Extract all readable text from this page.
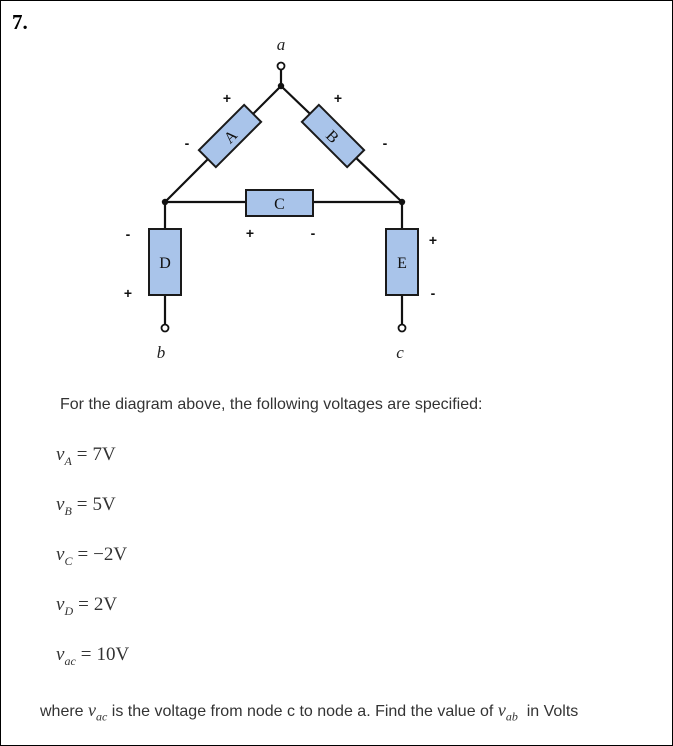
7.
A	B
C
D	E
a
b	c
+
-
+
-
+	-
-
+
+
-
For the diagram above, the following voltages are specified:
$v_A = 7V$
$v_B = 5V$
$v_C = -2V$
$v_D = 2V$
$v_{ac} = 10V$
where $v_{ac}$ is the voltage from node c to node a. Find the value of $v_{ab}$  in Volts
